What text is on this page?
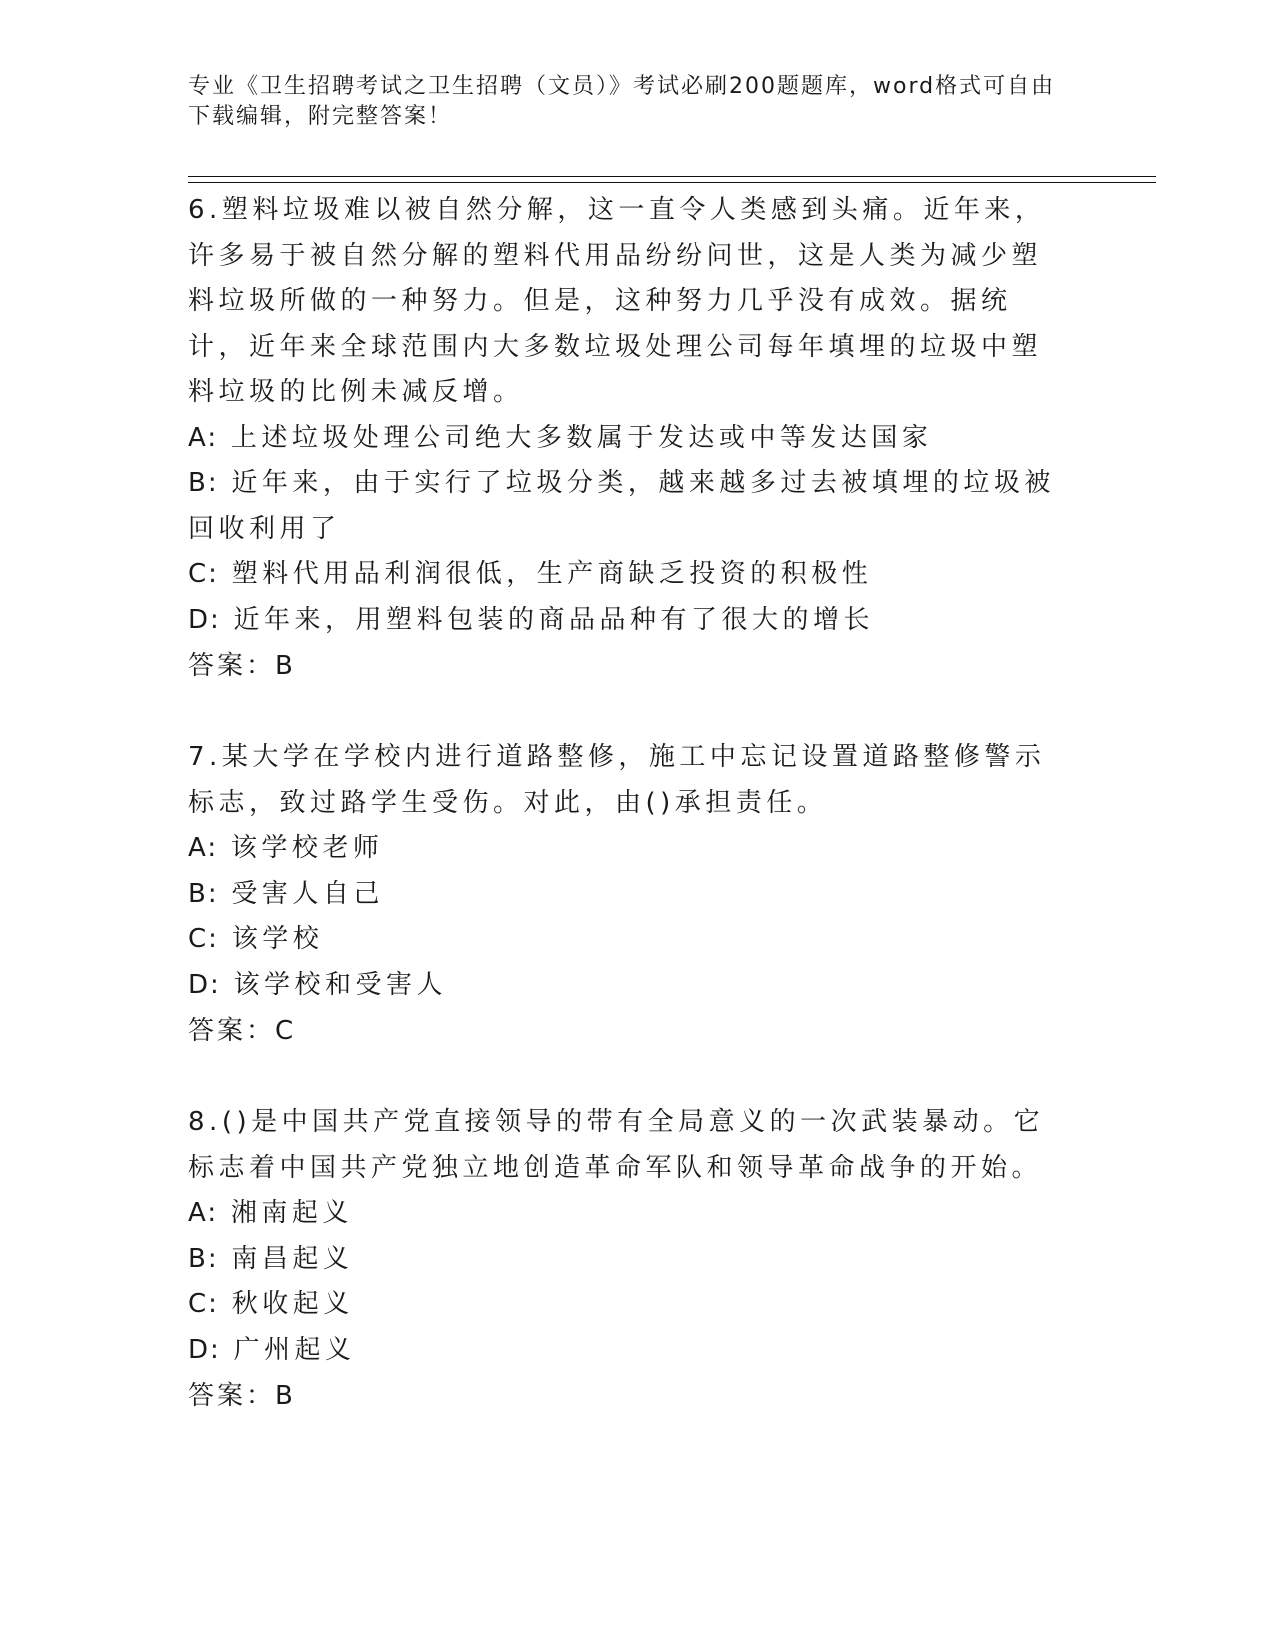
专业《卫生招聘考试之卫生招聘（文员）》考试必刷200题题库，word格式可自由下载编辑，附完整答案！

6.塑料垃圾难以被自然分解，这一直令人类感到头痛。近年来，许多易于被自然分解的塑料代用品纷纷问世，这是人类为减少塑料垃圾所做的一种努力。但是，这种努力几乎没有成效。据统计，近年来全球范围内大多数垃圾处理公司每年填埋的垃圾中塑料垃圾的比例未减反增。

A: 上述垃圾处理公司绝大多数属于发达或中等发达国家

B: 近年来，由于实行了垃圾分类，越来越多过去被填埋的垃圾被回收利用了

C: 塑料代用品利润很低，生产商缺乏投资的积极性

D: 近年来，用塑料包装的商品品种有了很大的增长

答案：B

7.某大学在学校内进行道路整修，施工中忘记设置道路整修警示标志，致过路学生受伤。对此，由()承担责任。

A: 该学校老师

B: 受害人自己

C: 该学校

D: 该学校和受害人

答案：C

8.()是中国共产党直接领导的带有全局意义的一次武装暴动。它标志着中国共产党独立地创造革命军队和领导革命战争的开始。

A: 湘南起义

B: 南昌起义

C: 秋收起义

D: 广州起义

答案：B
